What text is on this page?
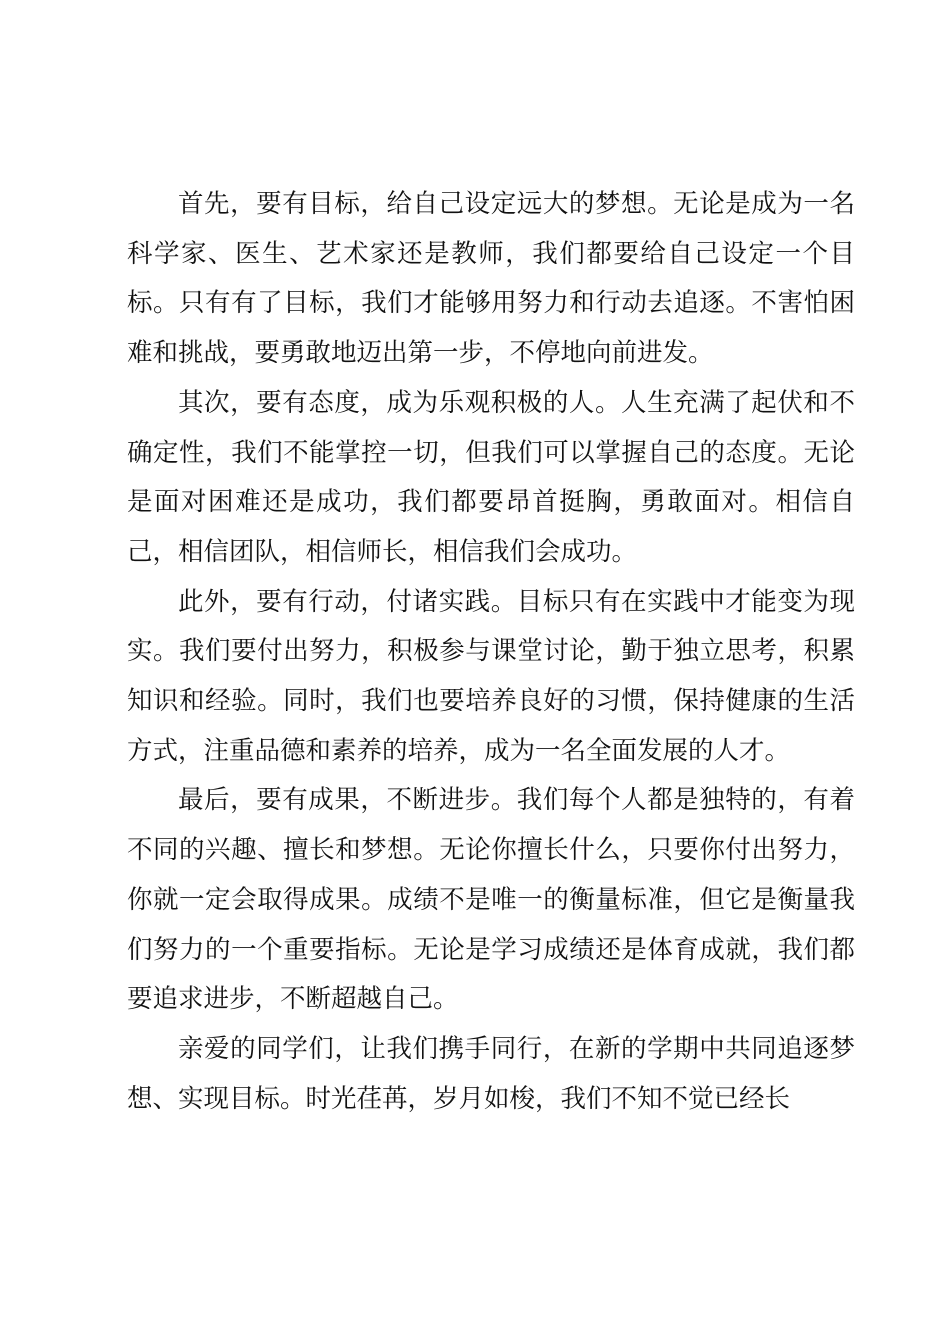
首先，要有目标，给自己设定远大的梦想。无论是成为一名科学家、医生、艺术家还是教师，我们都要给自己设定一个目标。只有有了目标，我们才能够用努力和行动去追逐。不害怕困难和挑战，要勇敢地迈出第一步，不停地向前进发。

其次，要有态度，成为乐观积极的人。人生充满了起伏和不确定性，我们不能掌控一切，但我们可以掌握自己的态度。无论是面对困难还是成功，我们都要昂首挺胸，勇敢面对。相信自己，相信团队，相信师长，相信我们会成功。

此外，要有行动，付诸实践。目标只有在实践中才能变为现实。我们要付出努力，积极参与课堂讨论，勤于独立思考，积累知识和经验。同时，我们也要培养良好的习惯，保持健康的生活方式，注重品德和素养的培养，成为一名全面发展的人才。

最后，要有成果，不断进步。我们每个人都是独特的，有着不同的兴趣、擅长和梦想。无论你擅长什么，只要你付出努力，你就一定会取得成果。成绩不是唯一的衡量标准，但它是衡量我们努力的一个重要指标。无论是学习成绩还是体育成就，我们都要追求进步，不断超越自己。

亲爱的同学们，让我们携手同行，在新的学期中共同追逐梦想、实现目标。时光荏苒，岁月如梭，我们不知不觉已经长
